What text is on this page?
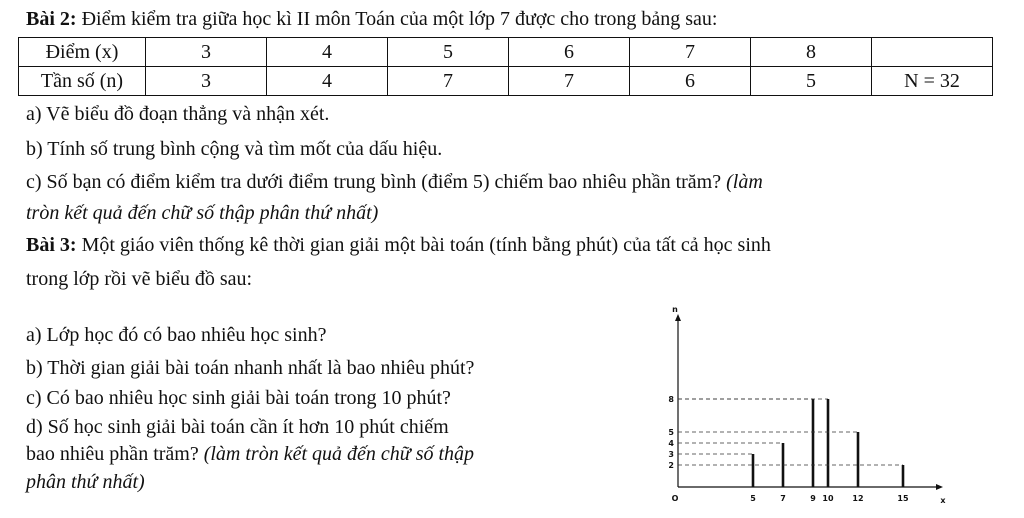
Bài 2: Điểm kiểm tra giữa học kì II môn Toán của một lớp 7 được cho trong bảng sau:
Điểm (x)	3	4	5	6	7	8	
Tần số (n)	3	4	7	7	6	5	N = 32
a) Vẽ biểu đồ đoạn thẳng và nhận xét.
b) Tính số trung bình cộng và tìm mốt của dấu hiệu.
c) Số bạn có điểm kiểm tra dưới điểm trung bình (điểm 5) chiếm bao nhiêu phần trăm? (làm
tròn kết quả đến chữ số thập phân thứ nhất)
Bài 3: Một giáo viên thống kê thời gian giải một bài toán (tính bằng phút) của tất cả học sinh
trong lớp rồi vẽ biểu đồ sau:
a) Lớp học đó có bao nhiêu học sinh?
b) Thời gian giải bài toán nhanh nhất là bao nhiêu phút?
c) Có bao nhiêu học sinh giải bài toán trong 10 phút?
d) Số học sinh giải bài toán cần ít hơn 10 phút chiếm
bao nhiêu phần trăm? (làm tròn kết quả đến chữ số thập
phân thứ nhất)
n
x
O	5	7	9 10 12	15
2
3
4
5
8
